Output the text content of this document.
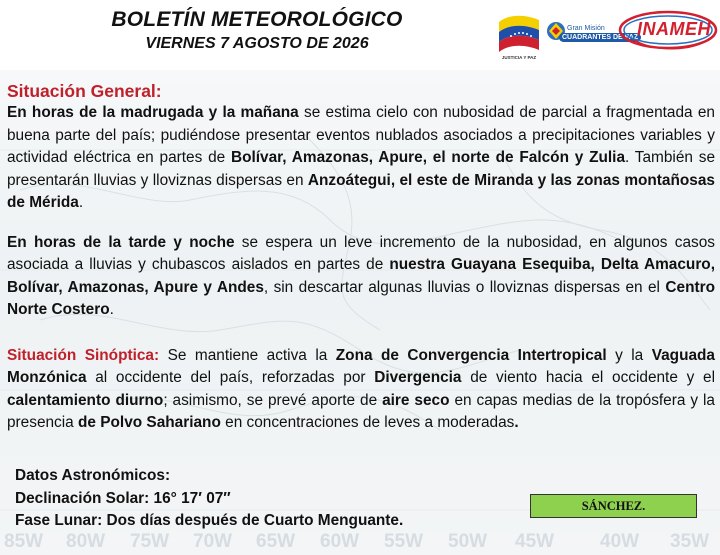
85W 80W 75W 70W 65W 60W 55W 50W 45W 40W 35W
BOLETÍN METEOROLÓGICO
VIERNES 7 AGOSTO DE 2026
JUSTICIA Y PAZ
Gran Misión
CUADRANTES DE PAZ
INAMEH
Situación General:

En horas de la madrugada y la mañana se estima cielo con nubosidad de parcial a fragmentada en buena parte del país; pudiéndose presentar eventos nublados asociados a precipitaciones variables y actividad eléctrica en partes de Bolívar, Amazonas, Apure, el norte de Falcón y Zulia. También se presentarán lluvias y lloviznas dispersas en Anzoátegui, el este de Miranda y las zonas montañosas de Mérida.

En horas de la tarde y noche se espera un leve incremento de la nubosidad, en algunos casos asociada a lluvias y chubascos aislados en partes de nuestra Guayana Esequiba, Delta Amacuro, Bolívar, Amazonas, Apure y Andes, sin descartar algunas lluvias o lloviznas dispersas en el Centro Norte Costero.

Situación Sinóptica: Se mantiene activa la Zona de Convergencia Intertropical y la Vaguada Monzónica al occidente del país, reforzadas por Divergencia de viento hacia el occidente y el calentamiento diurno; asimismo, se prevé aporte de aire seco en capas medias de la tropósfera y la presencia de Polvo Sahariano en concentraciones de leves a moderadas.

Datos Astronómicos:
Declinación Solar: 16° 17′ 07″
Fase Lunar: Dos días después de Cuarto Menguante.
SÁNCHEZ.
